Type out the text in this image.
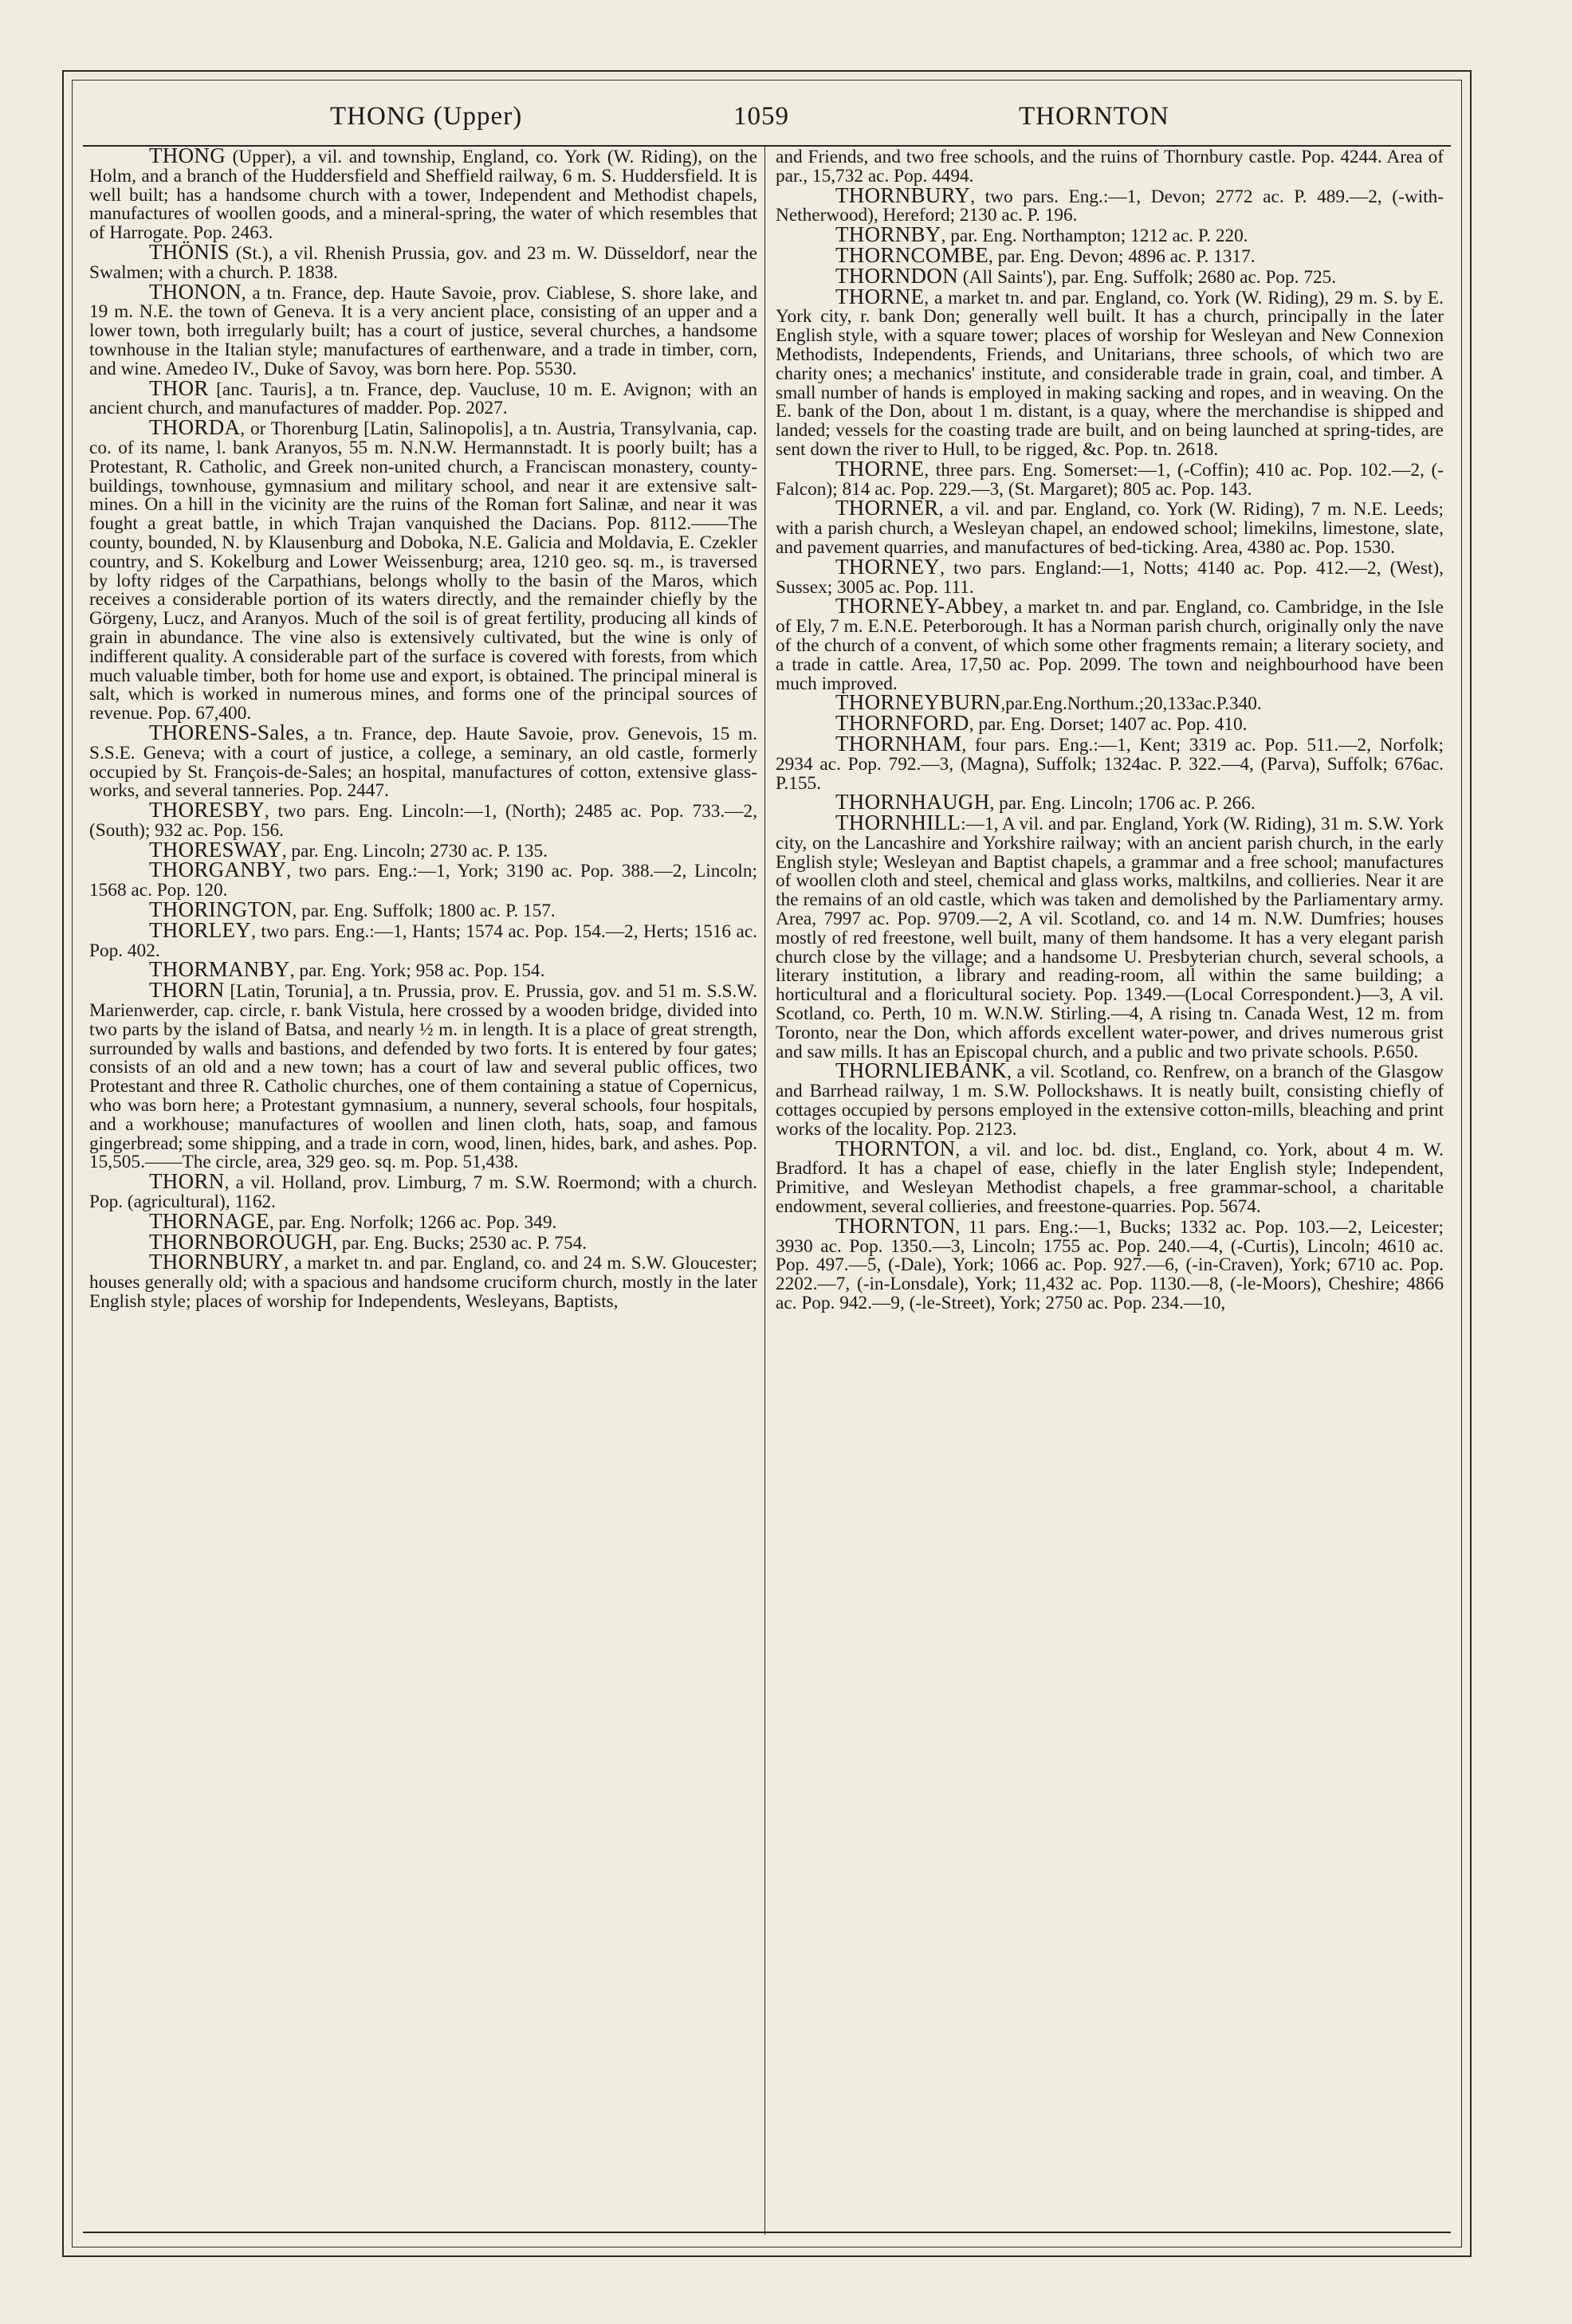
THONG (Upper)	1059	THORNTON

THONG (Upper), a vil. and township, England, co. York (W. Riding), on the Holm, and a branch of the Huddersfield and Sheffield railway, 6 m. S. Huddersfield. It is well built; has a handsome church with a tower, Independent and Methodist chapels, manufactures of woollen goods, and a mineral-spring, the water of which resembles that of Harrogate. Pop. 2463.

THÖNIS (St.), a vil. Rhenish Prussia, gov. and 23 m. W. Düsseldorf, near the Swalmen; with a church. P. 1838.

THONON, a tn. France, dep. Haute Savoie, prov. Ciablese, S. shore lake, and 19 m. N.E. the town of Geneva. It is a very ancient place, consisting of an upper and a lower town, both irregularly built; has a court of justice, several churches, a handsome townhouse in the Italian style; manufactures of earthenware, and a trade in timber, corn, and wine. Amedeo IV., Duke of Savoy, was born here. Pop. 5530.

THOR [anc. Tauris], a tn. France, dep. Vaucluse, 10 m. E. Avignon; with an ancient church, and manufactures of madder. Pop. 2027.

THORDA, or Thorenburg [Latin, Salinopolis], a tn. Austria, Transylvania, cap. co. of its name, l. bank Aranyos, 55 m. N.N.W. Hermannstadt. It is poorly built; has a Protestant, R. Catholic, and Greek non-united church, a Franciscan monastery, county-buildings, townhouse, gymnasium and military school, and near it are extensive salt-mines. On a hill in the vicinity are the ruins of the Roman fort Salinæ, and near it was fought a great battle, in which Trajan vanquished the Dacians. Pop. 8112.——The county, bounded, N. by Klausenburg and Doboka, N.E. Galicia and Moldavia, E. Czekler country, and S. Kokelburg and Lower Weissenburg; area, 1210 geo. sq. m., is traversed by lofty ridges of the Carpathians, belongs wholly to the basin of the Maros, which receives a considerable portion of its waters directly, and the remainder chiefly by the Görgeny, Lucz, and Aranyos. Much of the soil is of great fertility, producing all kinds of grain in abundance. The vine also is extensively cultivated, but the wine is only of indifferent quality. A considerable part of the surface is covered with forests, from which much valuable timber, both for home use and export, is obtained. The principal mineral is salt, which is worked in numerous mines, and forms one of the principal sources of revenue. Pop. 67,400.

THORENS-Sales, a tn. France, dep. Haute Savoie, prov. Genevois, 15 m. S.S.E. Geneva; with a court of justice, a college, a seminary, an old castle, formerly occupied by St. François-de-Sales; an hospital, manufactures of cotton, extensive glass-works, and several tanneries. Pop. 2447.

THORESBY, two pars. Eng. Lincoln:—1, (North); 2485 ac. Pop. 733.—2, (South); 932 ac. Pop. 156.

THORESWAY, par. Eng. Lincoln; 2730 ac. P. 135.

THORGANBY, two pars. Eng.:—1, York; 3190 ac. Pop. 388.—2, Lincoln; 1568 ac. Pop. 120.

THORINGTON, par. Eng. Suffolk; 1800 ac. P. 157.

THORLEY, two pars. Eng.:—1, Hants; 1574 ac. Pop. 154.—2, Herts; 1516 ac. Pop. 402.

THORMANBY, par. Eng. York; 958 ac. Pop. 154.

THORN [Latin, Torunia], a tn. Prussia, prov. E. Prussia, gov. and 51 m. S.S.W. Marienwerder, cap. circle, r. bank Vistula, here crossed by a wooden bridge, divided into two parts by the island of Batsa, and nearly ½ m. in length. It is a place of great strength, surrounded by walls and bastions, and defended by two forts. It is entered by four gates; consists of an old and a new town; has a court of law and several public offices, two Protestant and three R. Catholic churches, one of them containing a statue of Copernicus, who was born here; a Protestant gymnasium, a nunnery, several schools, four hospitals, and a workhouse; manufactures of woollen and linen cloth, hats, soap, and famous gingerbread; some shipping, and a trade in corn, wood, linen, hides, bark, and ashes. Pop. 15,505.——The circle, area, 329 geo. sq. m. Pop. 51,438.

THORN, a vil. Holland, prov. Limburg, 7 m. S.W. Roermond; with a church. Pop. (agricultural), 1162.

THORNAGE, par. Eng. Norfolk; 1266 ac. Pop. 349.

THORNBOROUGH, par. Eng. Bucks; 2530 ac. P. 754.

THORNBURY, a market tn. and par. England, co. and 24 m. S.W. Gloucester; houses generally old; with a spacious and handsome cruciform church, mostly in the later English style; places of worship for Independents, Wesleyans, Baptists,

and Friends, and two free schools, and the ruins of Thornbury castle. Pop. 4244. Area of par., 15,732 ac. Pop. 4494.

THORNBURY, two pars. Eng.:—1, Devon; 2772 ac. P. 489.—2, (-with-Netherwood), Hereford; 2130 ac. P. 196.

THORNBY, par. Eng. Northampton; 1212 ac. P. 220.

THORNCOMBE, par. Eng. Devon; 4896 ac. P. 1317.

THORNDON (All Saints'), par. Eng. Suffolk; 2680 ac. Pop. 725.

THORNE, a market tn. and par. England, co. York (W. Riding), 29 m. S. by E. York city, r. bank Don; generally well built. It has a church, principally in the later English style, with a square tower; places of worship for Wesleyan and New Connexion Methodists, Independents, Friends, and Unitarians, three schools, of which two are charity ones; a mechanics' institute, and considerable trade in grain, coal, and timber. A small number of hands is employed in making sacking and ropes, and in weaving. On the E. bank of the Don, about 1 m. distant, is a quay, where the merchandise is shipped and landed; vessels for the coasting trade are built, and on being launched at spring-tides, are sent down the river to Hull, to be rigged, &c. Pop. tn. 2618.

THORNE, three pars. Eng. Somerset:—1, (-Coffin); 410 ac. Pop. 102.—2, (-Falcon); 814 ac. Pop. 229.—3, (St. Margaret); 805 ac. Pop. 143.

THORNER, a vil. and par. England, co. York (W. Riding), 7 m. N.E. Leeds; with a parish church, a Wesleyan chapel, an endowed school; limekilns, limestone, slate, and pavement quarries, and manufactures of bed-ticking. Area, 4380 ac. Pop. 1530.

THORNEY, two pars. England:—1, Notts; 4140 ac. Pop. 412.—2, (West), Sussex; 3005 ac. Pop. 111.

THORNEY-Abbey, a market tn. and par. England, co. Cambridge, in the Isle of Ely, 7 m. E.N.E. Peterborough. It has a Norman parish church, originally only the nave of the church of a convent, of which some other fragments remain; a literary society, and a trade in cattle. Area, 17,5̈0 ac. Pop. 2099. The town and neighbourhood have been much improved.

THORNEYBURN,par.Eng.Northum.;20,133ac.P.340.

THORNFORD, par. Eng. Dorset; 1407 ac. Pop. 410.

THORNHAM, four pars. Eng.:—1, Kent; 3319 ac. Pop. 511.—2, Norfolk; 2934 ac. Pop. 792.—3, (Magna), Suffolk; 1324ac. P. 322.—4, (Parva), Suffolk; 676ac. P.155.

THORNHAUGH, par. Eng. Lincoln; 1706 ac. P. 266.

THORNHILL:—1, A vil. and par. England, York (W. Riding), 31 m. S.W. York city, on the Lancashire and Yorkshire railway; with an ancient parish church, in the early English style; Wesleyan and Baptist chapels, a grammar and a free school; manufactures of woollen cloth and steel, chemical and glass works, maltkilns, and collieries. Near it are the remains of an old castle, which was taken and demolished by the Parliamentary army. Area, 7997 ac. Pop. 9709.—2, A vil. Scotland, co. and 14 m. N.W. Dumfries; houses mostly of red freestone, well built, many of them handsome. It has a very elegant parish church close by the village; and a handsome U. Presbyterian church, several schools, a literary institution, a library and reading-room, all within the same building; a horticultural and a floricultural society. Pop. 1349.—(Local Correspondent.)—3, A vil. Scotland, co. Perth, 10 m. W.N.W. Stirling.—4, A rising tn. Canada West, 12 m. from Toronto, near the Don, which affords excellent water-power, and drives numerous grist and saw mills. It has an Episcopal church, and a public and two private schools. P.650.

THORNLIEBANK, a vil. Scotland, co. Renfrew, on a branch of the Glasgow and Barrhead railway, 1 m. S.W. Pollockshaws. It is neatly built, consisting chiefly of cottages occupied by persons employed in the extensive cotton-mills, bleaching and print works of the locality. Pop. 2123.

THORNTON, a vil. and loc. bd. dist., England, co. York, about 4 m. W. Bradford. It has a chapel of ease, chiefly in the later English style; Independent, Primitive, and Wesleyan Methodist chapels, a free grammar-school, a charitable endowment, several collieries, and freestone-quarries. Pop. 5674.

THORNTON, 11 pars. Eng.:—1, Bucks; 1332 ac. Pop. 103.—2, Leicester; 3930 ac. Pop. 1350.—3, Lincoln; 1755 ac. Pop. 240.—4, (-Curtis), Lincoln; 4610 ac. Pop. 497.—5, (-Dale), York; 1066 ac. Pop. 927.—6, (-in-Craven), York; 6710 ac. Pop. 2202.—7, (-in-Lonsdale), York; 11,432 ac. Pop. 1130.—8, (-le-Moors), Cheshire; 4866 ac. Pop. 942.—9, (-le-Street), York; 2750 ac. Pop. 234.—10,
